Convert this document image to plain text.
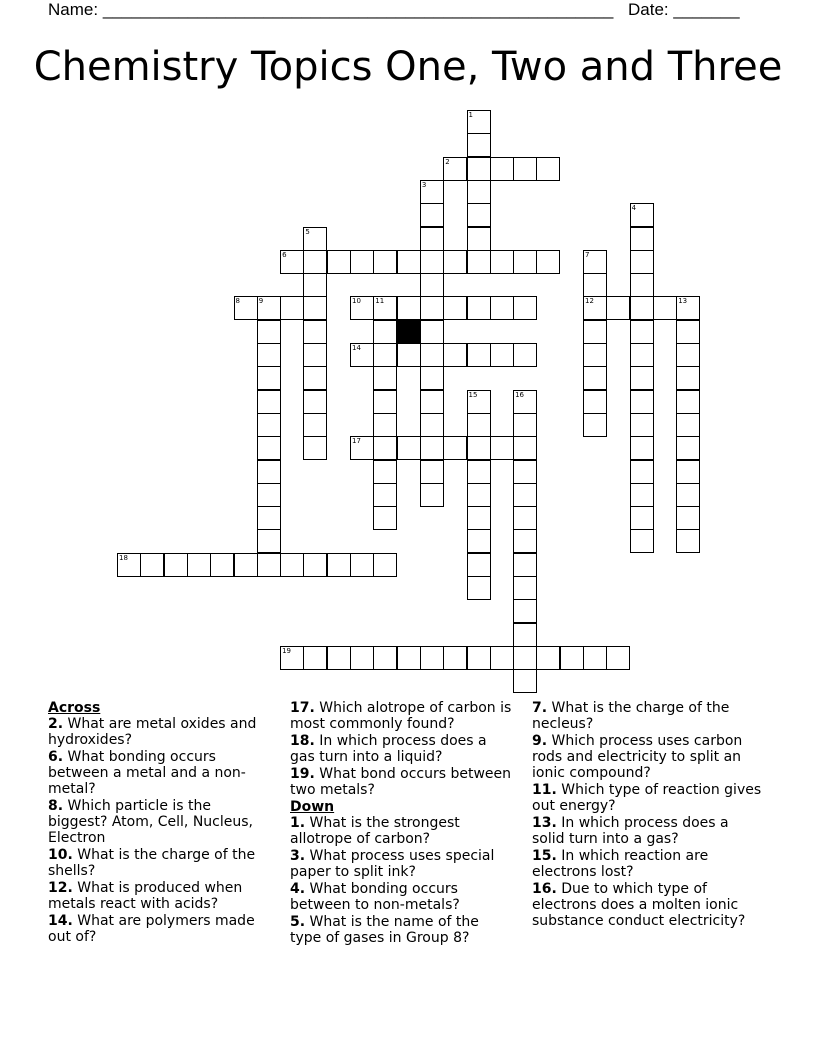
Name: ______________________________________________________ Date: _______
Chemistry Topics One, Two and Three
1
2
3
4
5
6	7
8	9	10 11	12	13
14
15	16
17
18
19
Across
2. What are metal oxides and hydroxides?
6. What bonding occurs between a metal and a non-metal?
8. Which particle is the biggest? Atom, Cell, Nucleus, Electron
10. What is the charge of the shells?
12. What is produced when metals react with acids?
14. What are polymers made out of?
17. Which alotrope of carbon is most commonly found?
18. In which process does a gas turn into a liquid?
19. What bond occurs between two metals?
Down
1. What is the strongest allotrope of carbon?
3. What process uses special paper to split ink?
4. What bonding occurs between to non-metals?
5. What is the name of the type of gases in Group 8?
7. What is the charge of the necleus?
9. Which process uses carbon rods and electricity to split an ionic compound?
11. Which type of reaction gives out energy?
13. In which process does a solid turn into a gas?
15. In which reaction are electrons lost?
16. Due to which type of electrons does a molten ionic substance conduct electricity?
